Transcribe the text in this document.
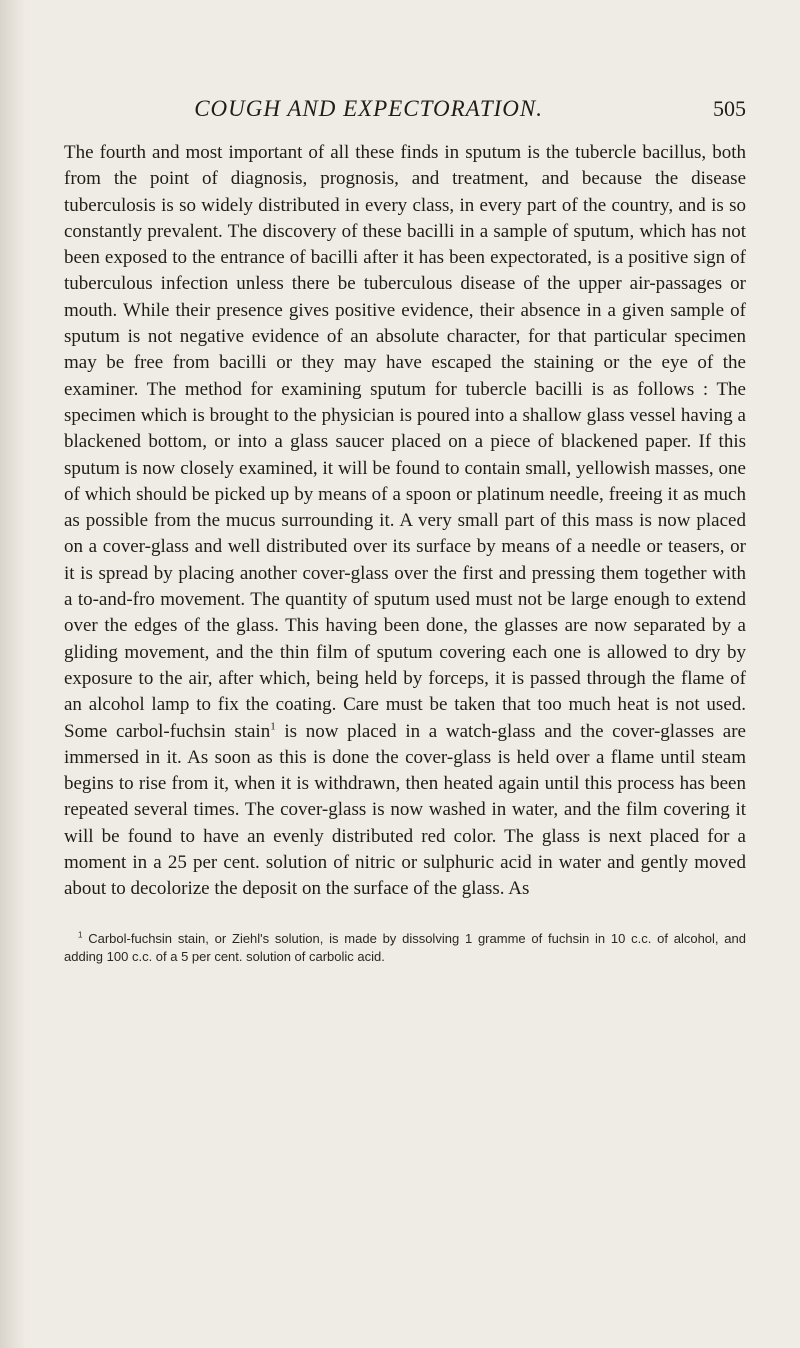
COUGH AND EXPECTORATION.	505

The fourth and most important of all these finds in sputum is the tubercle bacillus, both from the point of diagnosis, prognosis, and treatment, and because the disease tuberculosis is so widely distributed in every class, in every part of the country, and is so constantly prevalent. The discovery of these bacilli in a sample of sputum, which has not been exposed to the entrance of bacilli after it has been expectorated, is a positive sign of tuberculous infection unless there be tuberculous disease of the upper air-passages or mouth. While their presence gives positive evidence, their absence in a given sample of sputum is not negative evidence of an absolute character, for that particular specimen may be free from bacilli or they may have escaped the staining or the eye of the examiner. The method for examining sputum for tubercle bacilli is as follows : The specimen which is brought to the physician is poured into a shallow glass vessel having a blackened bottom, or into a glass saucer placed on a piece of blackened paper. If this sputum is now closely examined, it will be found to contain small, yellowish masses, one of which should be picked up by means of a spoon or platinum needle, freeing it as much as possible from the mucus surrounding it. A very small part of this mass is now placed on a cover-glass and well distributed over its surface by means of a needle or teasers, or it is spread by placing another cover-glass over the first and pressing them together with a to-and-fro movement. The quantity of sputum used must not be large enough to extend over the edges of the glass. This having been done, the glasses are now separated by a gliding movement, and the thin film of sputum covering each one is allowed to dry by exposure to the air, after which, being held by forceps, it is passed through the flame of an alcohol lamp to fix the coating. Care must be taken that too much heat is not used. Some carbol-fuchsin stain$^1$ is now placed in a watch-glass and the cover-glasses are immersed in it. As soon as this is done the cover-glass is held over a flame until steam begins to rise from it, when it is withdrawn, then heated again until this process has been repeated several times. The cover-glass is now washed in water, and the film covering it will be found to have an evenly distributed red color. The glass is next placed for a moment in a 25 per cent. solution of nitric or sulphuric acid in water and gently moved about to decolorize the deposit on the surface of the glass. As

$^1$ Carbol-fuchsin stain, or Ziehl's solution, is made by dissolving 1 gramme of fuchsin in 10 c.c. of alcohol, and adding 100 c.c. of a 5 per cent. solution of carbolic acid.
